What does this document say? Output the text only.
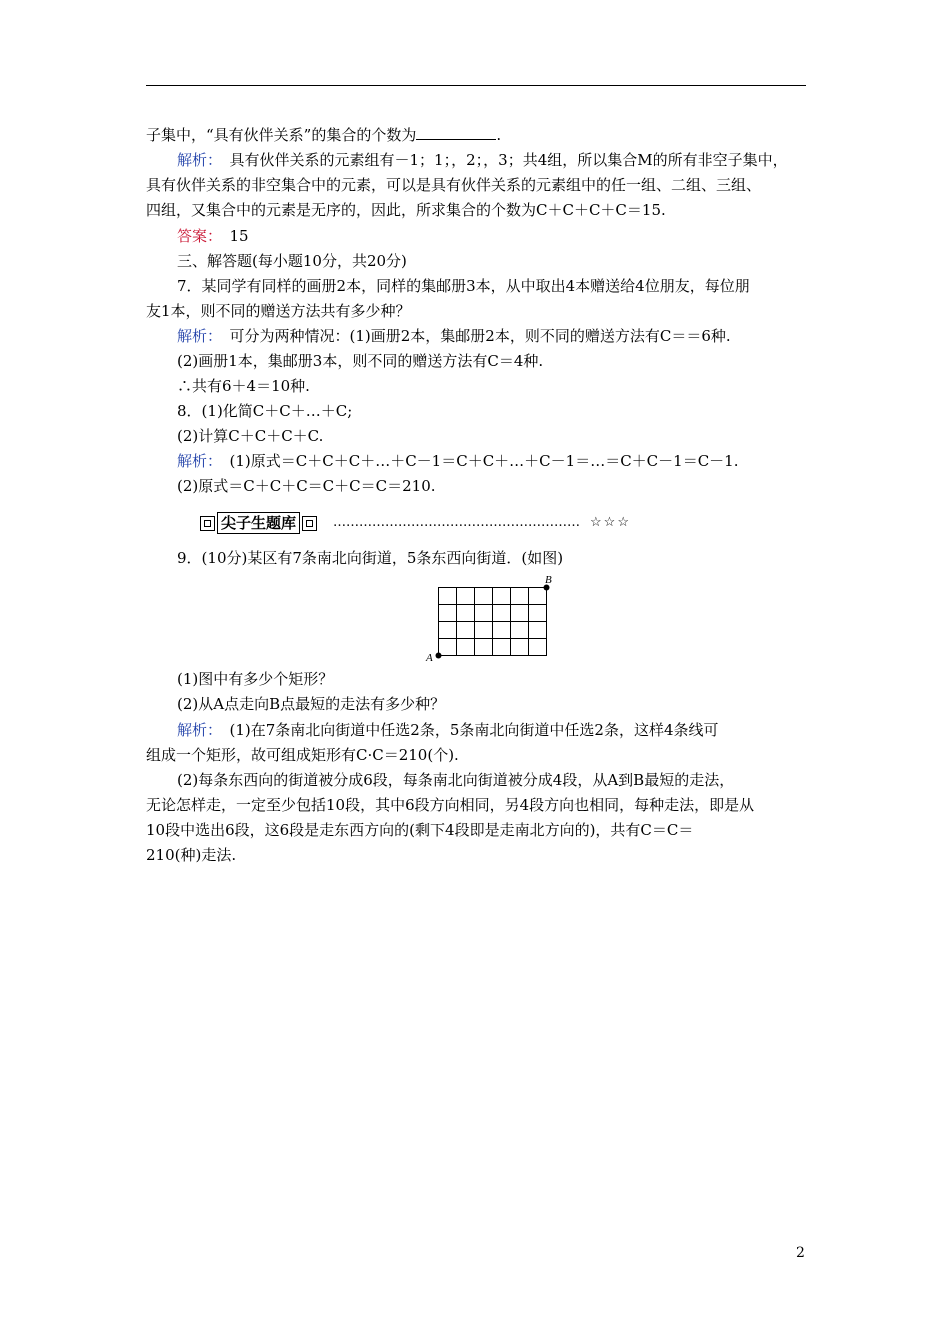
子集中，“具有伙伴关系”的集合的个数为	.
解析：　具有伙伴关系的元素组有－1；1；，2；，3；共4组，所以集合M的所有非空子集中，
具有伙伴关系的非空集合中的元素，可以是具有伙伴关系的元素组中的任一组、二组、三组、
四组，又集合中的元素是无序的，因此，所求集合的个数为C＋C＋C＋C＝15.
答案：　15
三、解答题(每小题10分，共20分)
7．某同学有同样的画册2本，同样的集邮册3本，从中取出4本赠送给4位朋友，每位朋
友1本，则不同的赠送方法共有多少种？
解析：　可分为两种情况：(1)画册2本，集邮册2本，则不同的赠送方法有C＝＝6种.
(2)画册1本，集邮册3本，则不同的赠送方法有C＝4种.
∴共有6＋4＝10种.
8．(1)化简C＋C＋…＋C;
(2)计算C＋C＋C＋C.
解析：　(1)原式＝C＋C＋C＋…＋C－1＝C＋C＋…＋C－1＝…＝C＋C－1＝C－1.
(2)原式＝C＋C＋C＝C＋C＝C＝210.
尖子生题库	………………………………………………… ☆☆☆
9．(10分)某区有7条南北向街道，5条东西向街道．(如图)
A
B
(1)图中有多少个矩形？
(2)从A点走向B点最短的走法有多少种？
解析：　(1)在7条南北向街道中任选2条，5条南北向街道中任选2条，这样4条线可
组成一个矩形，故可组成矩形有C·C＝210(个).
(2)每条东西向的街道被分成6段，每条南北向街道被分成4段，从A到B最短的走法，
无论怎样走，一定至少包括10段，其中6段方向相同，另4段方向也相同，每种走法，即是从
10段中选出6段，这6段是走东西方向的(剩下4段即是走南北方向的)，共有C＝C＝
210(种)走法.
2
